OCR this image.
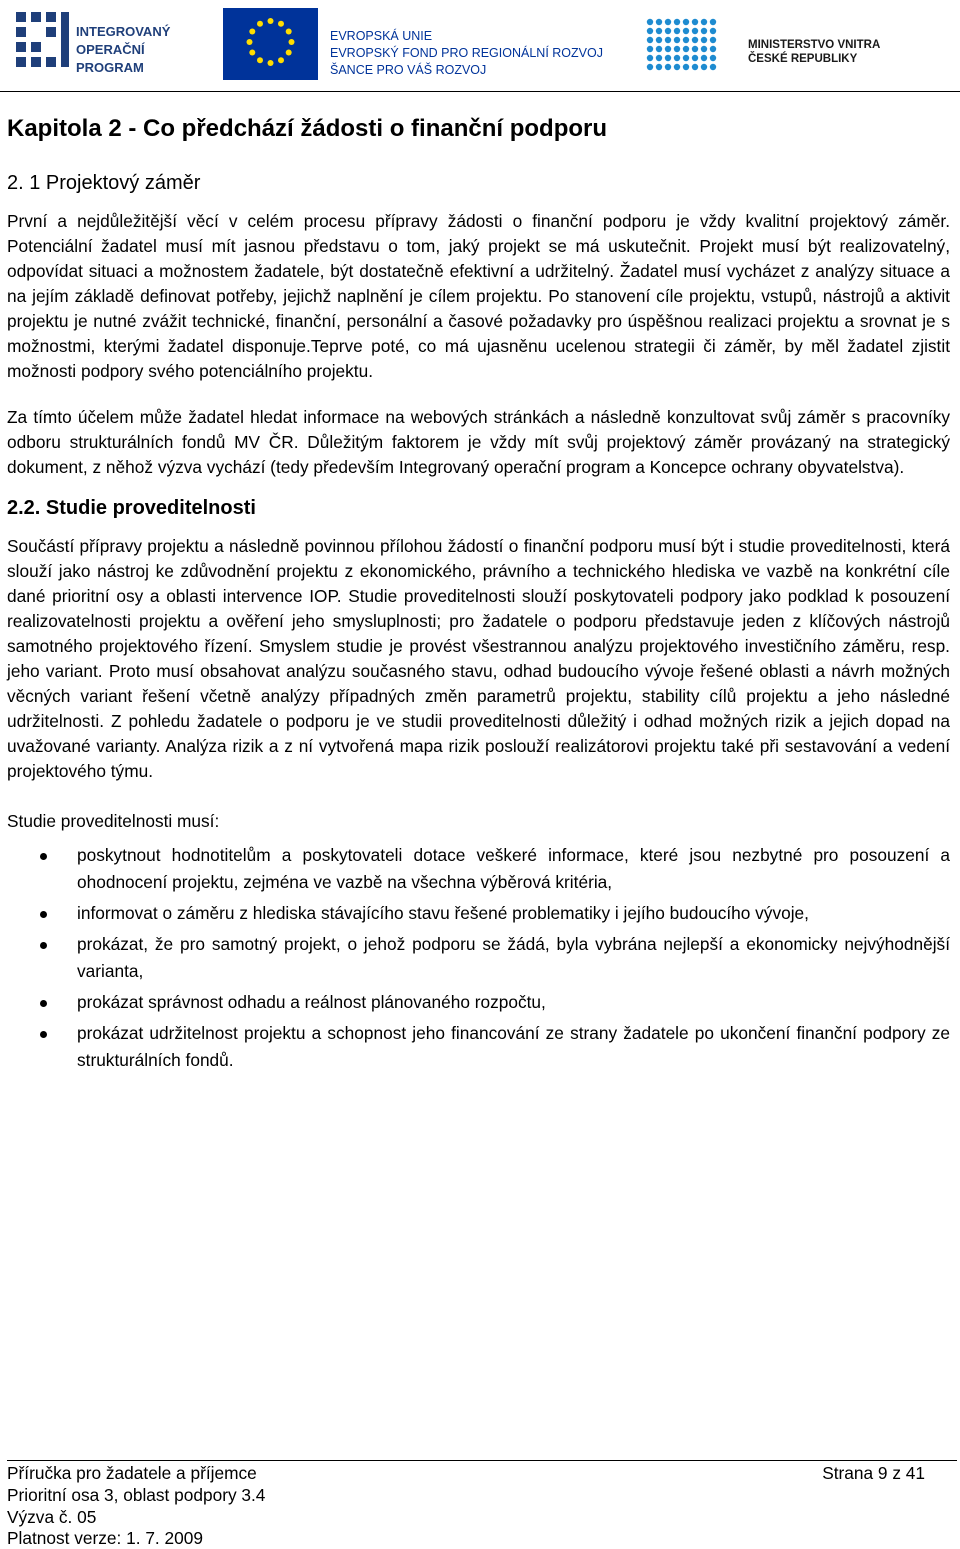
INTEGROVANÝ
OPERAČNÍ
PROGRAM
EVROPSKÁ UNIE
EVROPSKÝ FOND PRO REGIONÁLNÍ ROZVOJ
ŠANCE PRO VÁŠ ROZVOJ
MINISTERSTVO VNITRA
ČESKÉ REPUBLIKY
Kapitola 2 - Co předchází žádosti o finanční podporu
2. 1 Projektový záměr

První a nejdůležitější věcí v celém procesu přípravy žádosti o finanční podporu je vždy kvalitní projektový záměr. Potenciální žadatel musí mít jasnou představu o tom, jaký projekt se má uskutečnit. Projekt musí být realizovatelný, odpovídat situaci a možnostem žadatele, být dostatečně efektivní a udržitelný. Žadatel musí vycházet z analýzy situace a na jejím základě definovat potřeby, jejichž naplnění je cílem projektu. Po stanovení cíle projektu, vstupů, nástrojů a aktivit projektu je nutné zvážit technické, finanční, personální a časové požadavky pro úspěšnou realizaci projektu a srovnat je s možnostmi, kterými žadatel disponuje.Teprve poté, co má ujasněnu ucelenou strategii či záměr, by měl žadatel zjistit možnosti podpory svého potenciálního projektu.

Za tímto účelem může žadatel hledat informace na webových stránkách a následně konzultovat svůj záměr s pracovníky odboru strukturálních fondů MV ČR. Důležitým faktorem je vždy mít svůj projektový záměr provázaný na strategický dokument, z něhož výzva vychází (tedy především Integrovaný operační program a Koncepce ochrany obyvatelstva).

2.2. Studie proveditelnosti

Součástí přípravy projektu a následně povinnou přílohou žádostí o finanční podporu musí být i studie proveditelnosti, která slouží jako nástroj ke zdůvodnění projektu z ekonomického, právního a technického hlediska ve vazbě na konkrétní cíle dané prioritní osy a oblasti intervence IOP. Studie proveditelnosti slouží poskytovateli podpory jako podklad k posouzení realizovatelnosti projektu a ověření jeho smysluplnosti; pro žadatele o podporu představuje jeden z klíčových nástrojů samotného projektového řízení. Smyslem studie je provést všestrannou analýzu projektového investičního záměru, resp. jeho variant. Proto musí obsahovat analýzu současného stavu, odhad budoucího vývoje řešené oblasti a návrh možných věcných variant řešení včetně analýzy případných změn parametrů projektu, stability cílů projektu a jeho následné udržitelnosti. Z pohledu žadatele o podporu je ve studii proveditelnosti důležitý i odhad možných rizik a jejich dopad na uvažované varianty. Analýza rizik a z ní vytvořená mapa rizik poslouží realizátorovi projektu také při sestavování a vedení projektového týmu.

Studie proveditelnosti musí:

poskytnout hodnotitelům a poskytovateli dotace veškeré informace, které jsou nezbytné pro posouzení a ohodnocení projektu, zejména ve vazbě na všechna výběrová kritéria,
informovat o záměru z hlediska stávajícího stavu řešené problematiky i jejího budoucího vývoje,
prokázat, že pro samotný projekt, o jehož podporu se žádá, byla vybrána nejlepší a ekonomicky nejvýhodnější varianta,
prokázat správnost odhadu a reálnost plánovaného rozpočtu,
prokázat udržitelnost projektu a schopnost jeho financování ze strany žadatele po ukončení finanční podpory ze strukturálních fondů.
Příručka pro žadatele a příjemce
Prioritní osa 3, oblast podpory 3.4
Výzva č. 05
Platnost verze: 1. 7. 2009
Strana 9 z 41
